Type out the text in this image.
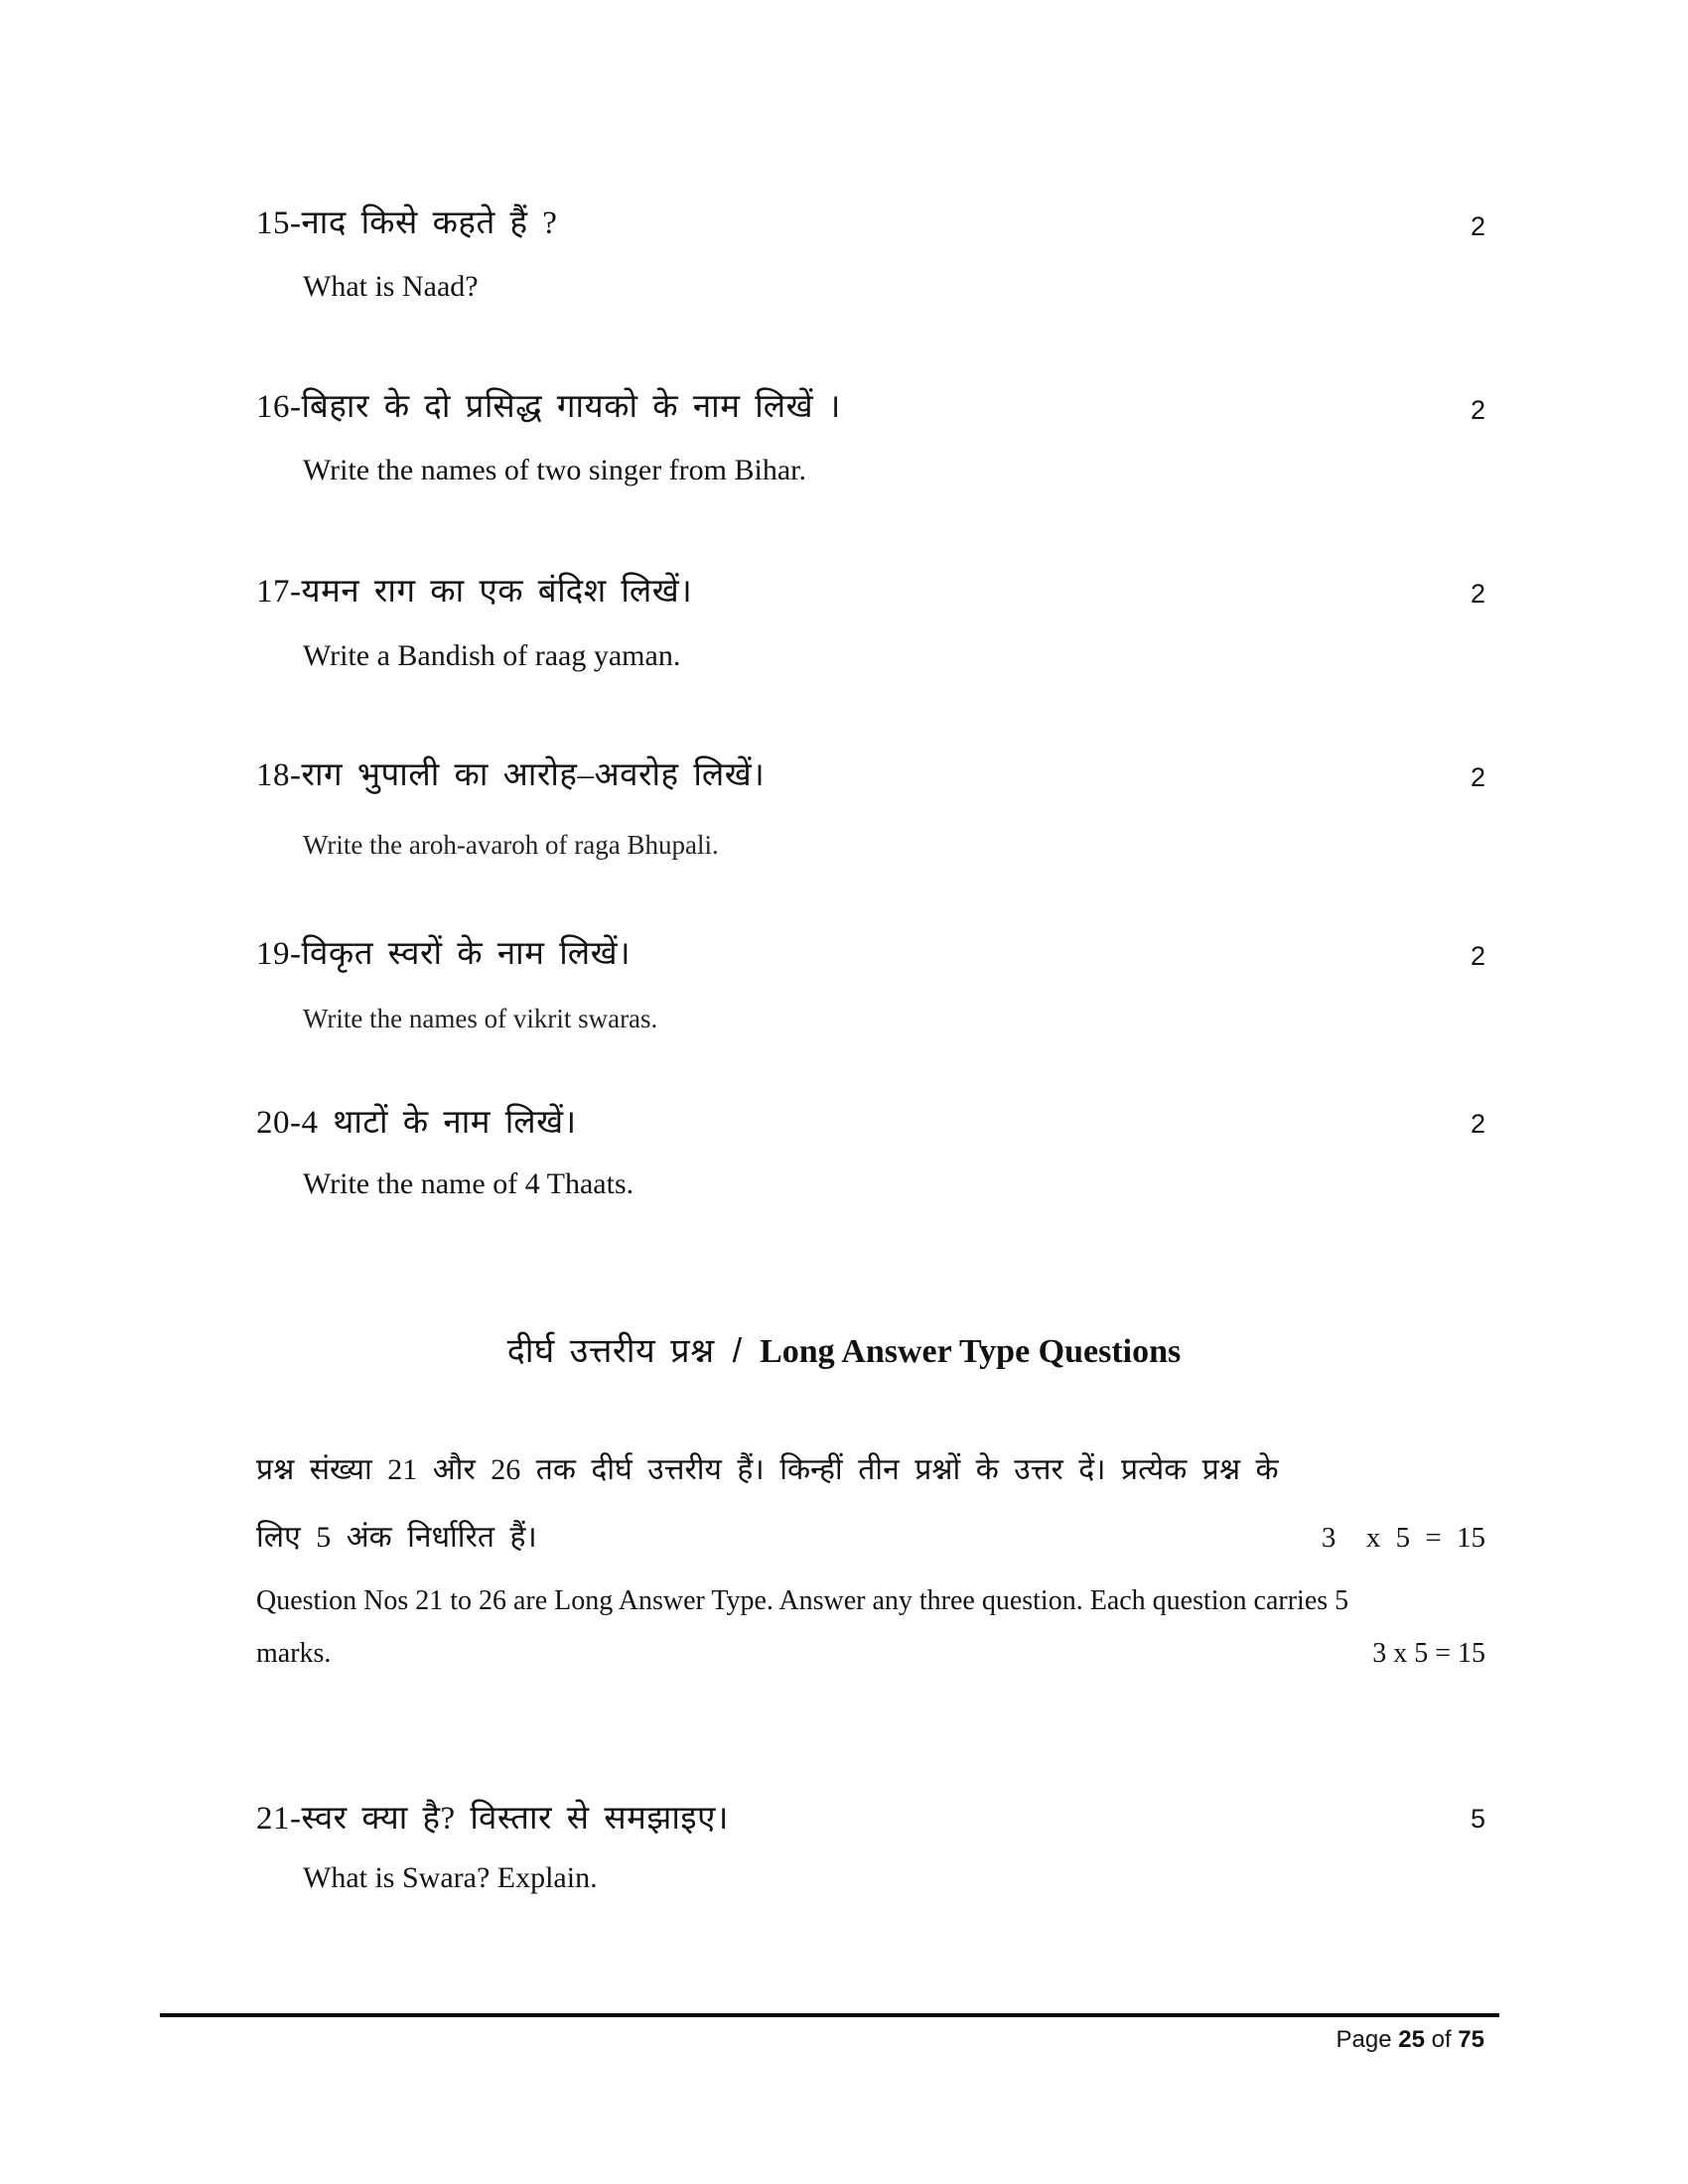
15-नाद किसे कहते हैं ?	2
What is Naad?
16-बिहार के दो प्रसिद्ध गायको के नाम लिखें ।	2
Write the names of two singer from Bihar.
17-यमन राग का एक बंदिश लिखें।	2
Write a Bandish of raag yaman.
18-राग भुपाली का आरोह–अवरोह लिखें।	2
Write the aroh-avaroh of raga Bhupali.
19-विकृत स्वरों के नाम लिखें।	2
Write the names of vikrit swaras.
20-4 थाटों के नाम लिखें।	2
Write the name of 4 Thaats.
दीर्घ उत्तरीय प्रश्न / Long Answer Type Questions
प्रश्न संख्या 21 और 26 तक दीर्घ उत्तरीय हैं। किन्हीं तीन प्रश्नों के उत्तर दें। प्रत्येक प्रश्न के
लिए 5 अंक निर्धारित हैं।	3  x 5 = 15
Question Nos 21 to 26 are Long Answer Type. Answer any three question. Each question carries 5
marks.	3 x 5 = 15
21-स्वर क्या है? विस्तार से समझाइए।	5
What is Swara? Explain.
Page 25 of 75
